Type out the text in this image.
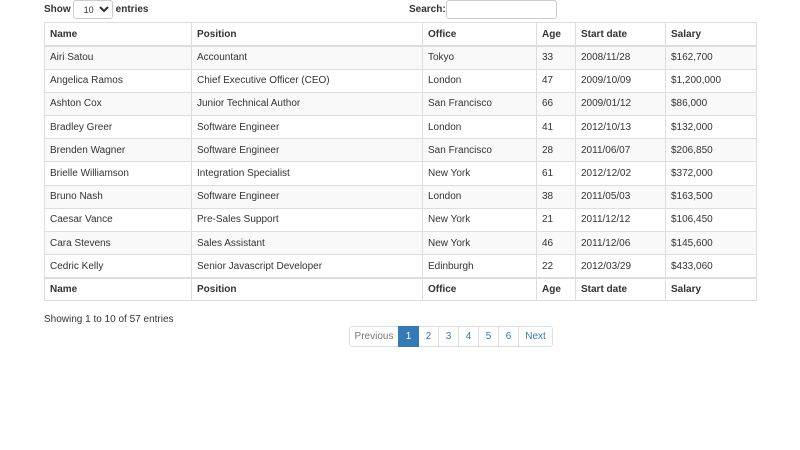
Show
10	entries	Search:
Name	Position	Office	Age	Start date	Salary
Airi Satou	Accountant	Tokyo	33	2008/11/28	$162,700
Angelica Ramos	Chief Executive Officer (CEO)	London	47	2009/10/09	$1,200,000
Ashton Cox	Junior Technical Author	San Francisco	66	2009/01/12	$86,000
Bradley Greer	Software Engineer	London	41	2012/10/13	$132,000
Brenden Wagner	Software Engineer	San Francisco	28	2011/06/07	$206,850
Brielle Williamson	Integration Specialist	New York	61	2012/12/02	$372,000
Bruno Nash	Software Engineer	London	38	2011/05/03	$163,500
Caesar Vance	Pre-Sales Support	New York	21	2011/12/12	$106,450
Cara Stevens	Sales Assistant	New York	46	2011/12/06	$145,600
Cedric Kelly	Senior Javascript Developer	Edinburgh	22	2012/03/29	$433,060
Name	Position	Office	Age	Start date	Salary
Showing 1 to 10 of 57 entries
Previous	1	2	3	4	5	6	Next
